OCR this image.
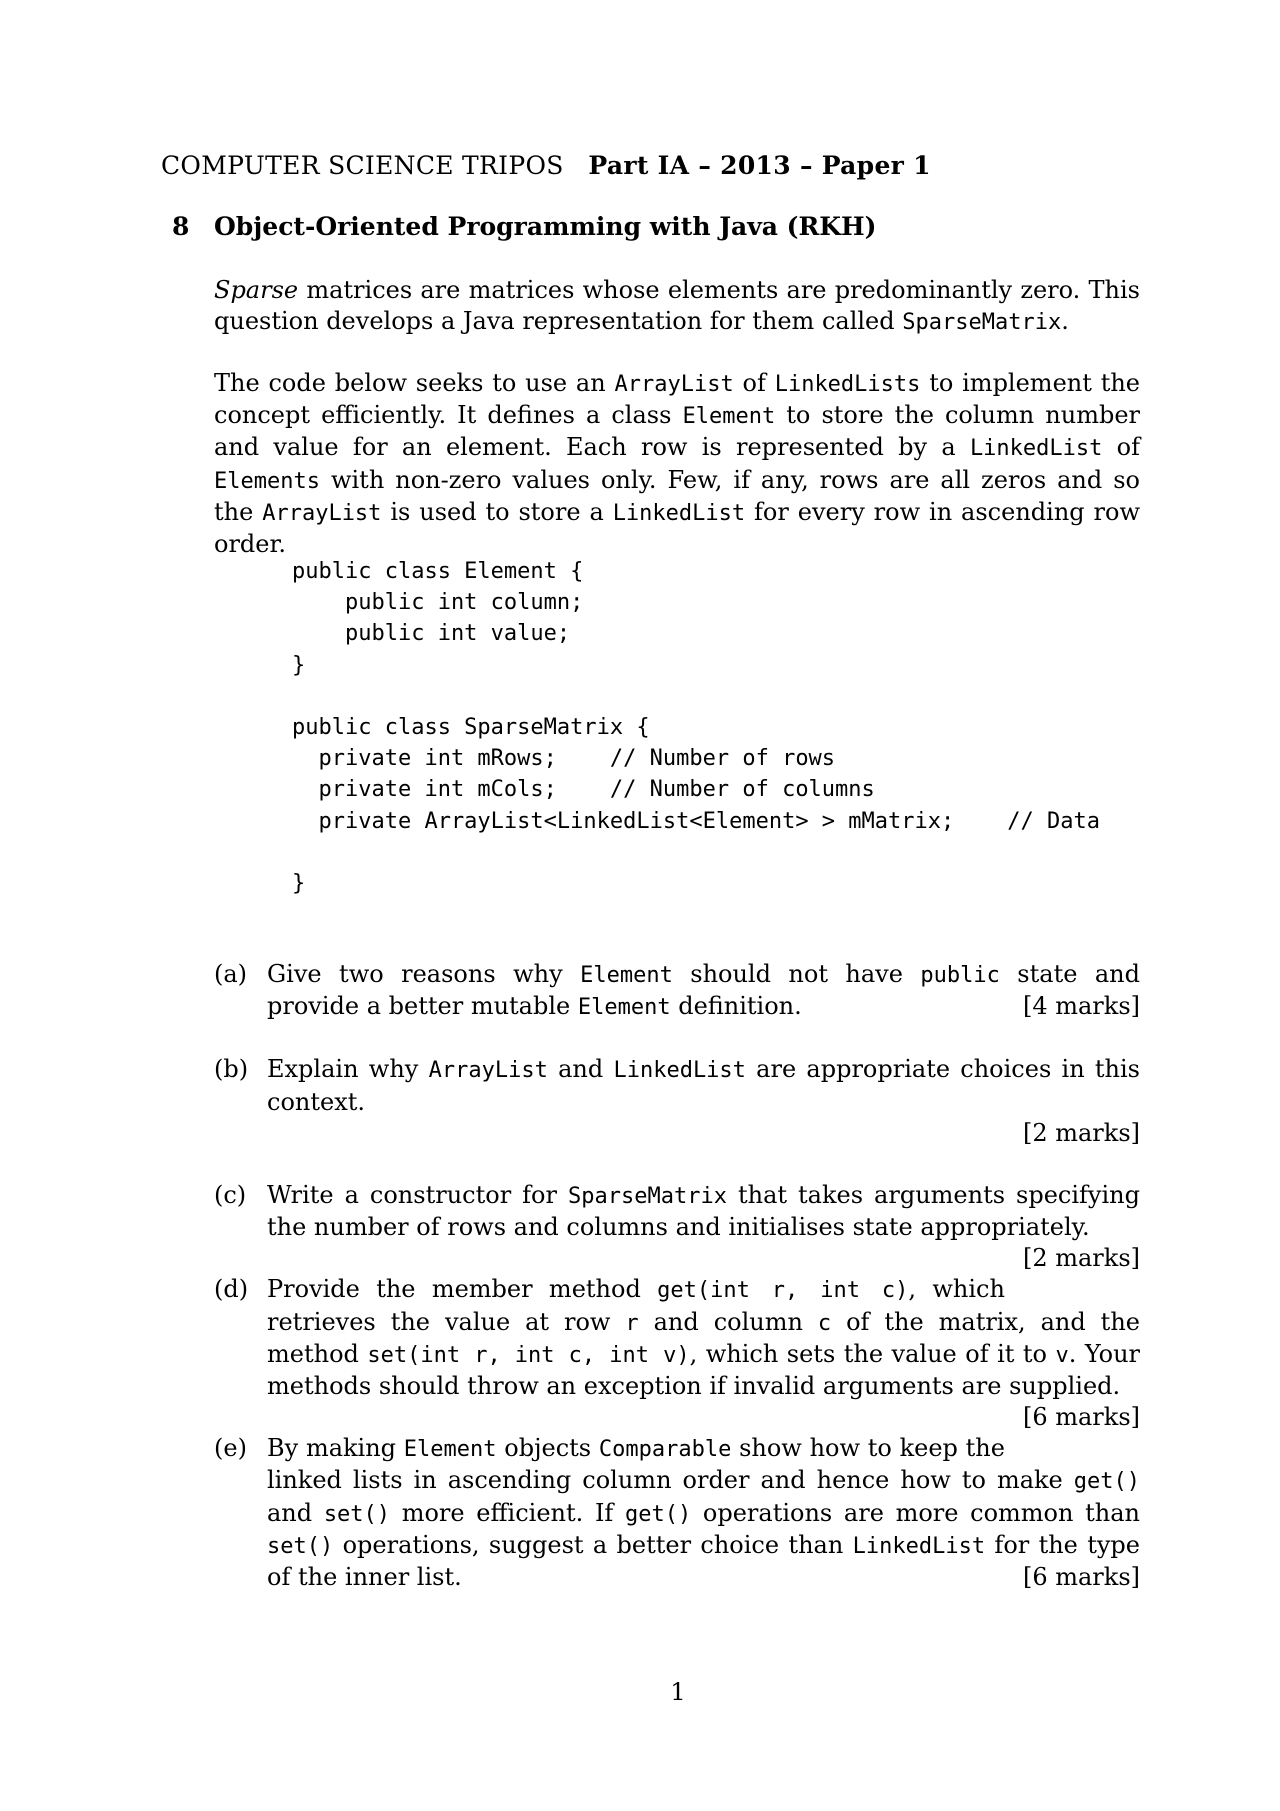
COMPUTER SCIENCE TRIPOS Part IA – 2013 – Paper 1
8 Object-Oriented Programming with Java (RKH)
Sparse matrices are matrices whose elements are predominantly zero. This question develops a Java representation for them called SparseMatrix.
The code below seeks to use an ArrayList of LinkedLists to implement the concept efficiently. It defines a class Element to store the column number and value for an element. Each row is represented by a LinkedList of Elements with non-zero values only. Few, if any, rows are all zeros and so the ArrayList is used to store a LinkedList for every row in ascending row order.
public class Element {
public int column;
public int value;
}

public class SparseMatrix {
private int mRows;    // Number of rows
private int mCols;    // Number of columns
private ArrayList<LinkedList<Element> > mMatrix;    // Data

}
(a) Give two reasons why Element should not have public state and provide a better mutable Element definition.	[4 marks]
(b) Explain why ArrayList and LinkedList are appropriate choices in this context.
[2 marks]
(c) Write a constructor for SparseMatrix that takes arguments specifying the number of rows and columns and initialises state appropriately.
[2 marks]
(d) Provide the member method get(int r, int c), which retrieves the value at row r and column c of the matrix, and the method set(int r, int c, int v), which sets the value of it to v. Your methods should throw an exception if invalid arguments are supplied.
[6 marks]
(e) By making Element objects Comparable show how to keep the linked lists in ascending column order and hence how to make get() and set() more efficient. If get() operations are more common than set() operations, suggest a better choice than LinkedList for the type of the inner list.	[6 marks]
1
